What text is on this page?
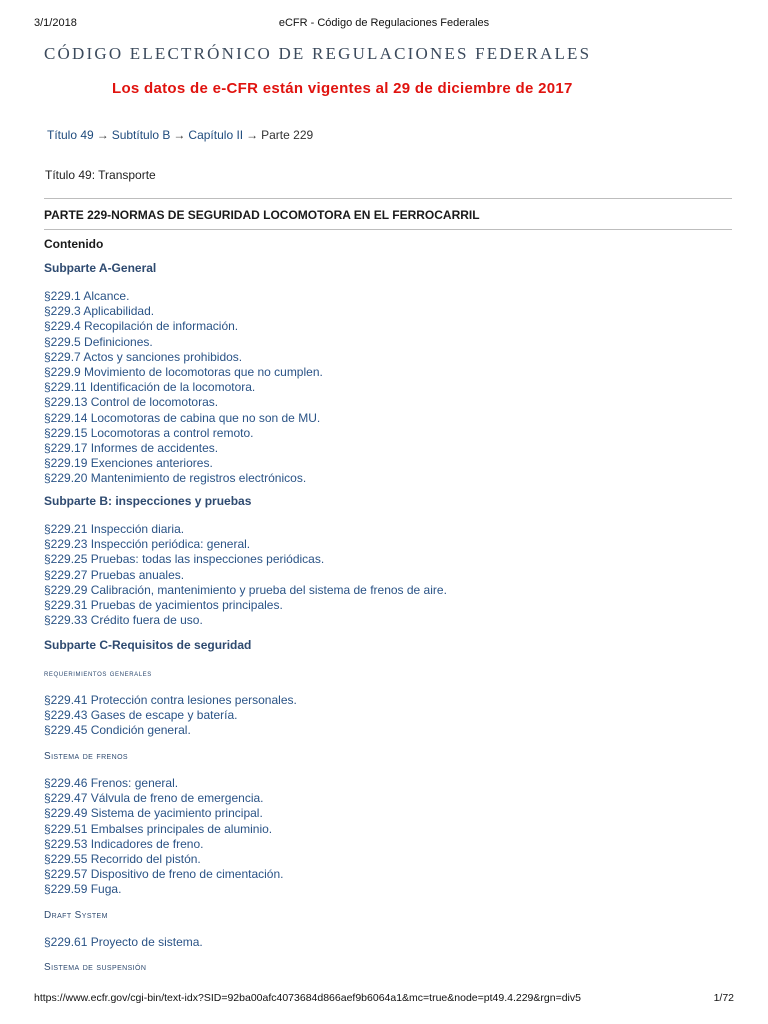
3/1/2018	eCFR - Código de Regulaciones Federales
CÓDIGO ELECTRÓNICO DE REGULACIONES FEDERALES
Los datos de e-CFR están vigentes al 29 de diciembre de 2017
Título 49 → Subtítulo B → Capítulo II → Parte 229
Título 49: Transporte
PARTE 229-NORMAS DE SEGURIDAD LOCOMOTORA EN EL FERROCARRIL
Contenido
Subparte A-General
§229.1 Alcance.
§229.3 Aplicabilidad.
§229.4 Recopilación de información.
§229.5 Definiciones.
§229.7 Actos y sanciones prohibidos.
§229.9 Movimiento de locomotoras que no cumplen.
§229.11 Identificación de la locomotora.
§229.13 Control de locomotoras.
§229.14 Locomotoras de cabina que no son de MU.
§229.15 Locomotoras a control remoto.
§229.17 Informes de accidentes.
§229.19 Exenciones anteriores.
§229.20 Mantenimiento de registros electrónicos.
Subparte B: inspecciones y pruebas
§229.21 Inspección diaria.
§229.23 Inspección periódica: general.
§229.25 Pruebas: todas las inspecciones periódicas.
§229.27 Pruebas anuales.
§229.29 Calibración, mantenimiento y prueba del sistema de frenos de aire.
§229.31 Pruebas de yacimientos principales.
§229.33 Crédito fuera de uso.
Subparte C-Requisitos de seguridad
requerimientos generales
§229.41 Protección contra lesiones personales.
§229.43 Gases de escape y batería.
§229.45 Condición general.
Sistema de frenos
§229.46 Frenos: general.
§229.47 Válvula de freno de emergencia.
§229.49 Sistema de yacimiento principal.
§229.51 Embalses principales de aluminio.
§229.53 Indicadores de freno.
§229.55 Recorrido del pistón.
§229.57 Dispositivo de freno de cimentación.
§229.59 Fuga.
Draft System
§229.61 Proyecto de sistema.
Sistema de suspensión
https://www.ecfr.gov/cgi-bin/text-idx?SID=92ba00afc4073684d866aef9b6064a1&mc=true&node=pt49.4.229&rgn=div5	1/72
